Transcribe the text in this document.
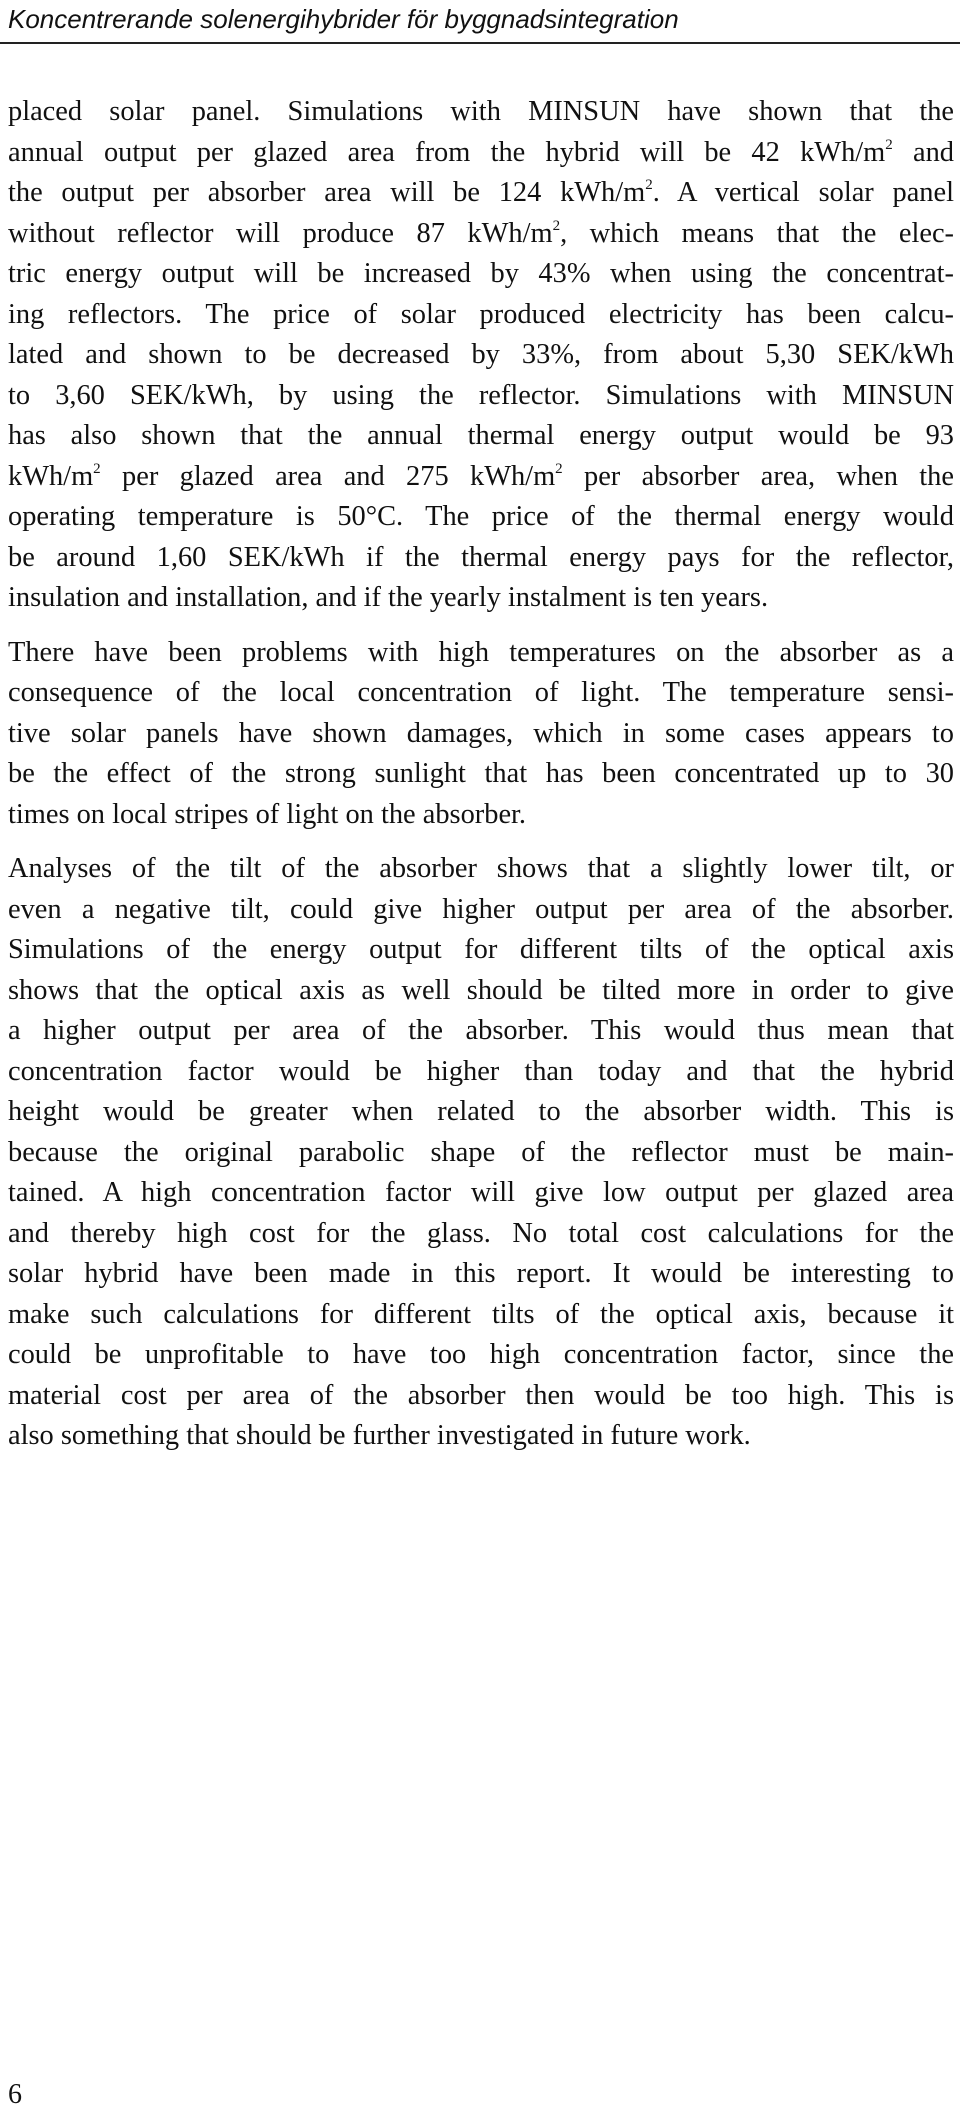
Koncentrerande solenergihybrider för byggnadsintegration

placed solar panel. Simulations with MINSUN have shown that the
annual output per glazed area from the hybrid will be 42 kWh/$m^2$ and
the output per absorber area will be 124 kWh/$m^2$. A vertical solar panel
without reflector will produce 87 kWh/$m^2$, which means that the elec-
tric energy output will be increased by 43% when using the concentrat-
ing reflectors. The price of solar produced electricity has been calcu-
lated and shown to be decreased by 33%, from about 5,30 SEK/kWh
to 3,60 SEK/kWh, by using the reflector. Simulations with MINSUN
has also shown that the annual thermal energy output would be 93
kWh/$m^2$ per glazed area and 275 kWh/$m^2$ per absorber area, when the
operating temperature is 50°C. The price of the thermal energy would
be around 1,60 SEK/kWh if the thermal energy pays for the reflector,
insulation and installation, and if the yearly instalment is ten years.

There have been problems with high temperatures on the absorber as a
consequence of the local concentration of light. The temperature sensi-
tive solar panels have shown damages, which in some cases appears to
be the effect of the strong sunlight that has been concentrated up to 30
times on local stripes of light on the absorber.

Analyses of the tilt of the absorber shows that a slightly lower tilt, or
even a negative tilt, could give higher output per area of the absorber.
Simulations of the energy output for different tilts of the optical axis
shows that the optical axis as well should be tilted more in order to give
a higher output per area of the absorber. This would thus mean that
concentration factor would be higher than today and that the hybrid
height would be greater when related to the absorber width. This is
because the original parabolic shape of the reflector must be main-
tained. A high concentration factor will give low output per glazed area
and thereby high cost for the glass. No total cost calculations for the
solar hybrid have been made in this report. It would be interesting to
make such calculations for different tilts of the optical axis, because it
could be unprofitable to have too high concentration factor, since the
material cost per area of the absorber then would be too high. This is
also something that should be further investigated in future work.

6
